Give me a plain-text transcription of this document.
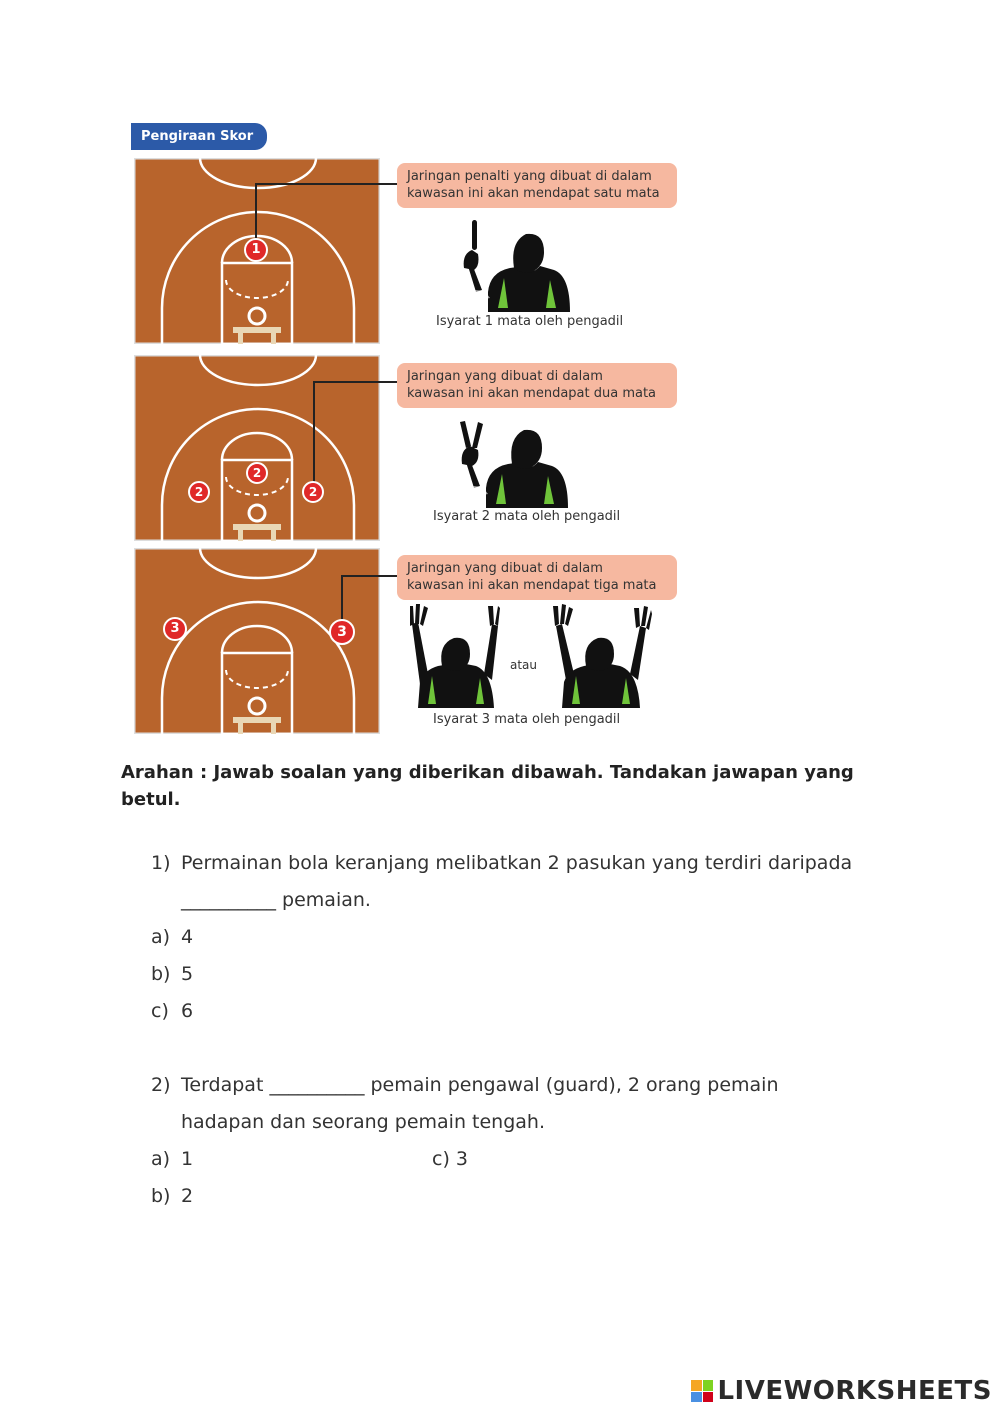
Pengiraan Skor
1
Jaringan penalti yang dibuat di dalam
kawasan ini akan mendapat satu mata
Isyarat 1 mata oleh pengadil
2
2	2
Jaringan yang dibuat di dalam
kawasan ini akan mendapat dua mata
Isyarat 2 mata oleh pengadil
3	3
Jaringan yang dibuat di dalam
kawasan ini akan mendapat tiga mata
atau
Isyarat 3 mata oleh pengadil
Arahan : Jawab soalan yang diberikan dibawah. Tandakan jawapan yang betul.
1) Permainan bola keranjang melibatkan 2 pasukan yang terdiri daripada
__________ pemaian.
a) 4
b) 5
c) 6
2) Terdapat __________ pemain pengawal (guard), 2 orang pemain
hadapan dan seorang pemain tengah.
a) 1	c) 3
b) 2
LIVEWORKSHEETS
